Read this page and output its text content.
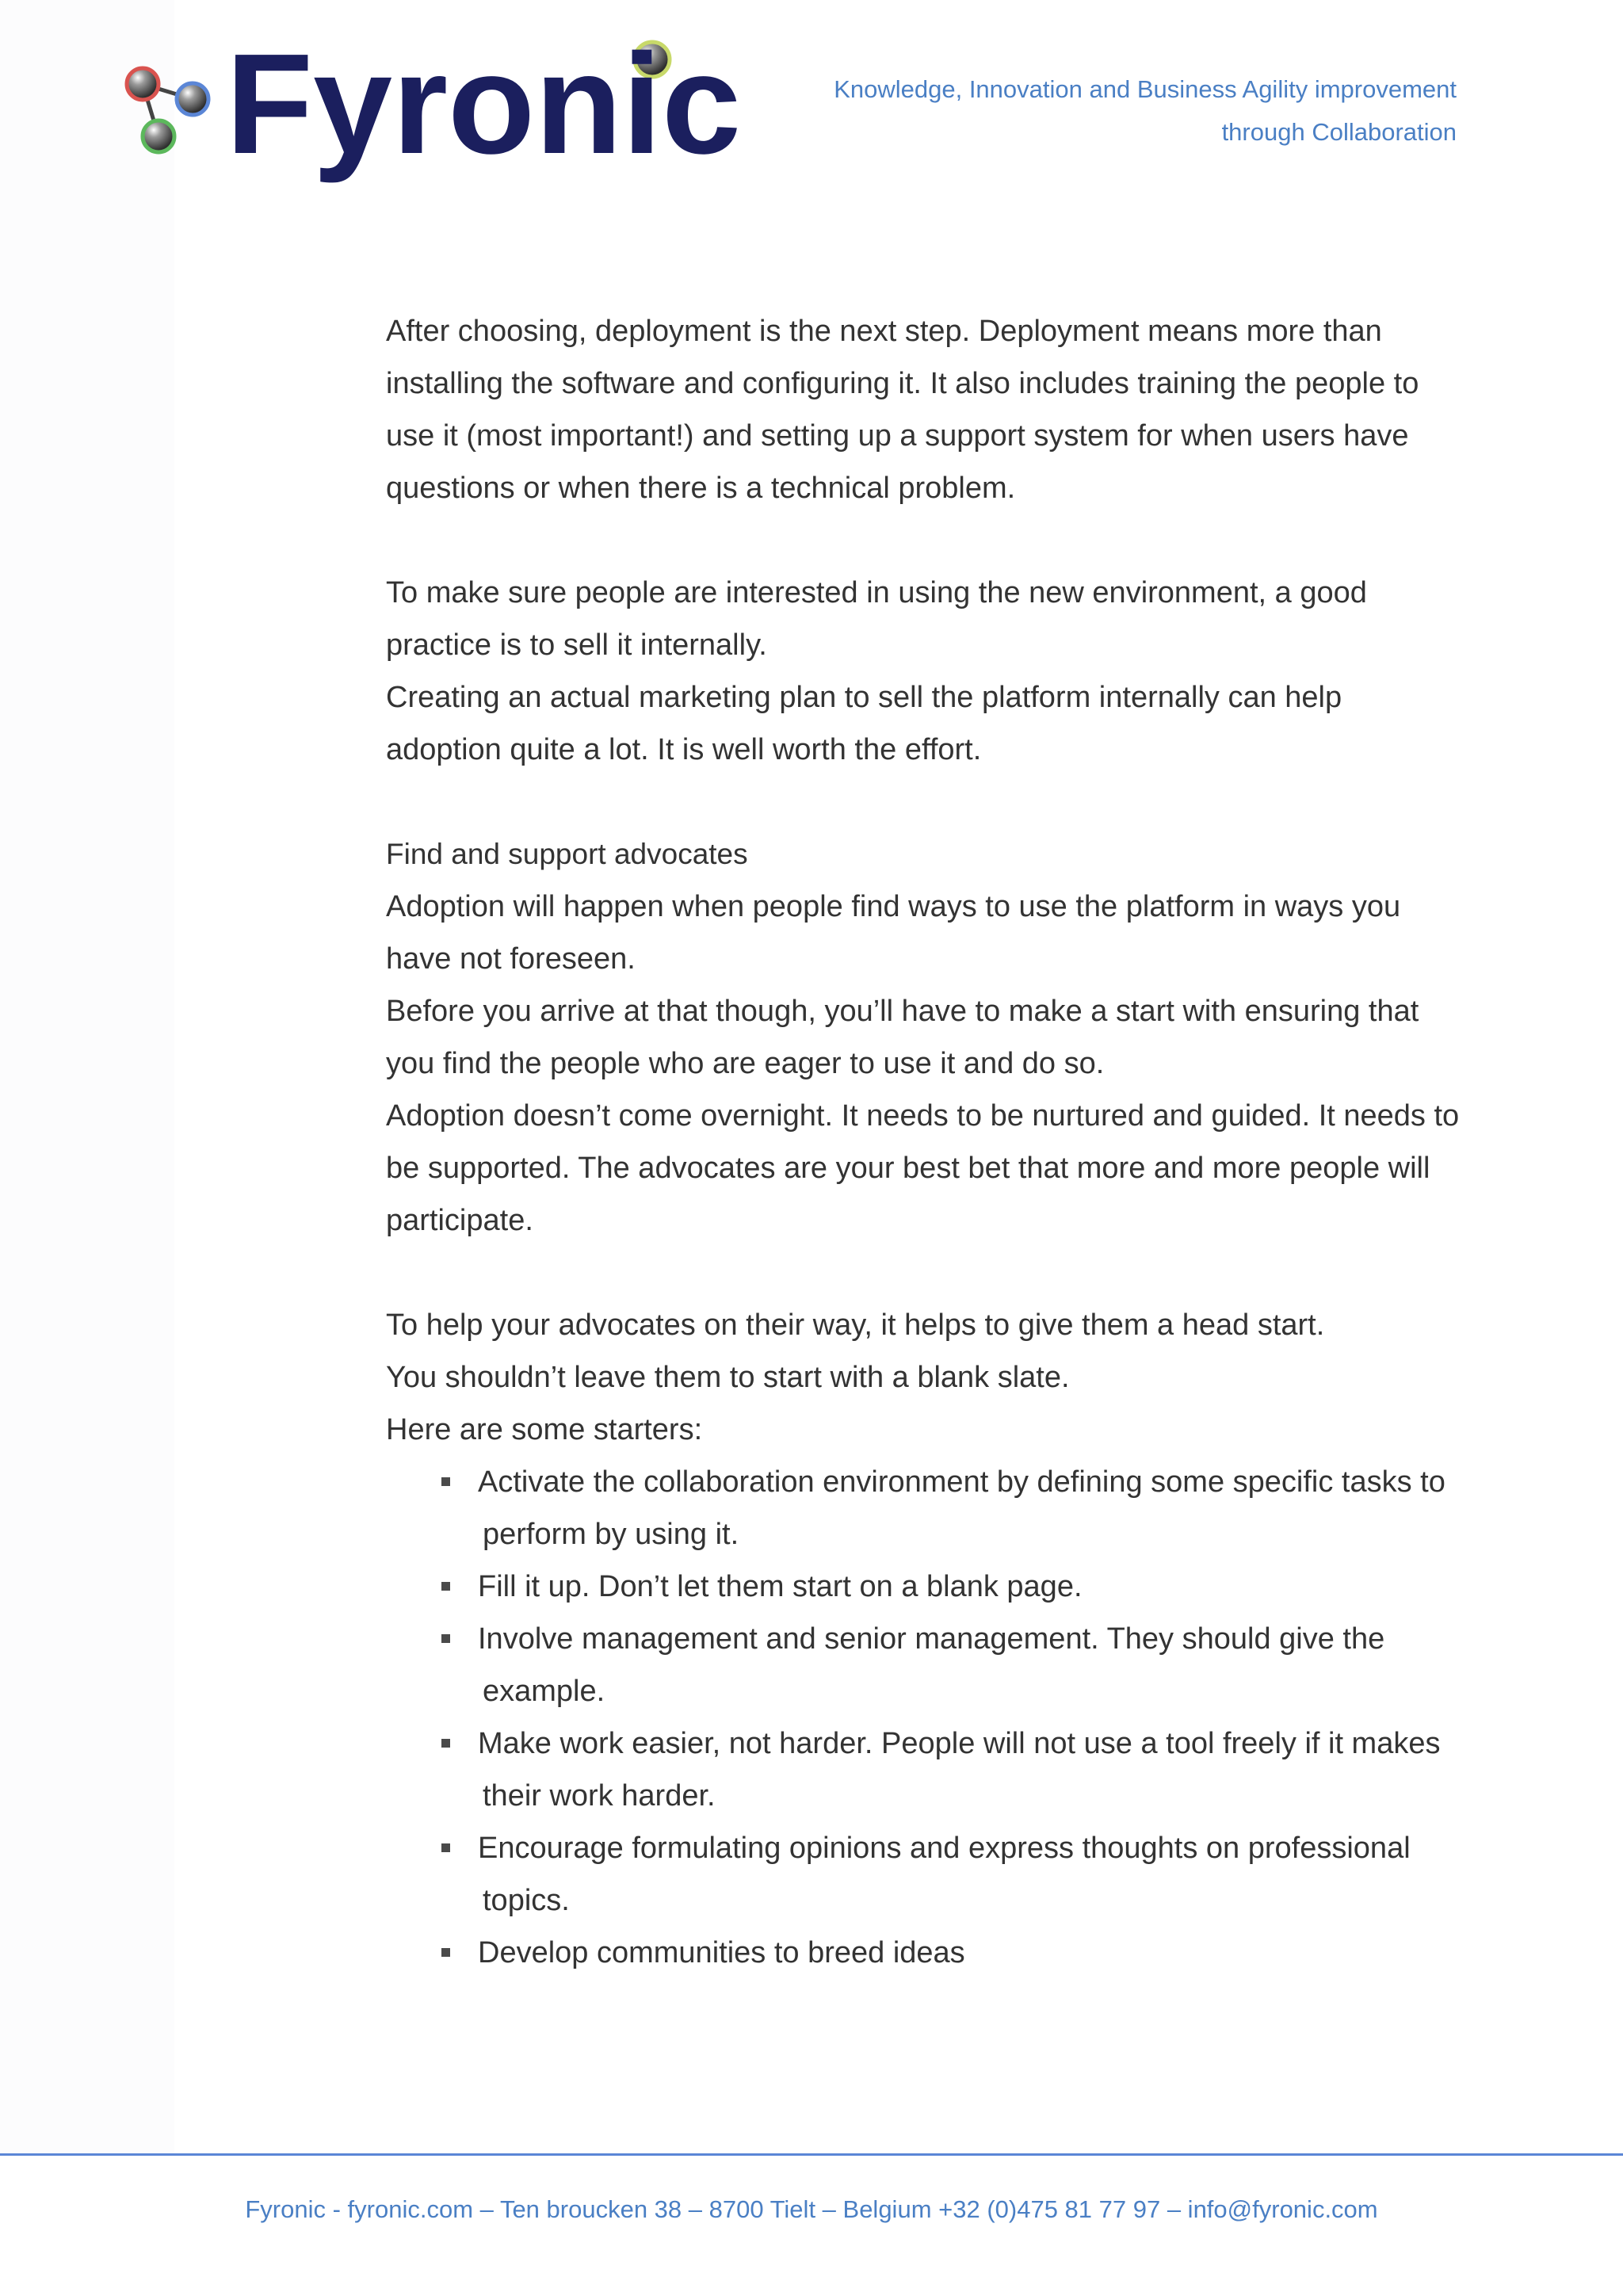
Fyronic	Knowledge, Innovation and Business Agility improvement
through Collaboration

After choosing, deployment is the next step. Deployment means more than installing the software and configuring it. It also includes training the people to use it (most important!) and setting up a support system for when users have questions or when there is a technical problem.

To make sure people are interested in using the new environment, a good practice is to sell it internally.

Creating an actual marketing plan to sell the platform internally can help adoption quite a lot. It is well worth the effort.

Find and support advocates

Adoption will happen when people find ways to use the platform in ways you have not foreseen.

Before you arrive at that though, you’ll have to make a start with ensuring that you find the people who are eager to use it and do so.

Adoption doesn’t come overnight. It needs to be nurtured and guided. It needs to be supported. The advocates are your best bet that more and more people will participate.

To help your advocates on their way, it helps to give them a head start.

You shouldn’t leave them to start with a blank slate.

Here are some starters:

Activate the collaboration environment by defining some specific tasks to perform by using it.
Fill it up. Don’t let them start on a blank page.
Involve management and senior management. They should give the example.
Make work easier, not harder. People will not use a tool freely if it makes their work harder.
Encourage formulating opinions and express thoughts on professional topics.
Develop communities to breed ideas
Fyronic - fyronic.com – Ten broucken 38 – 8700 Tielt – Belgium +32 (0)475 81 77 97 – info@fyronic.com
